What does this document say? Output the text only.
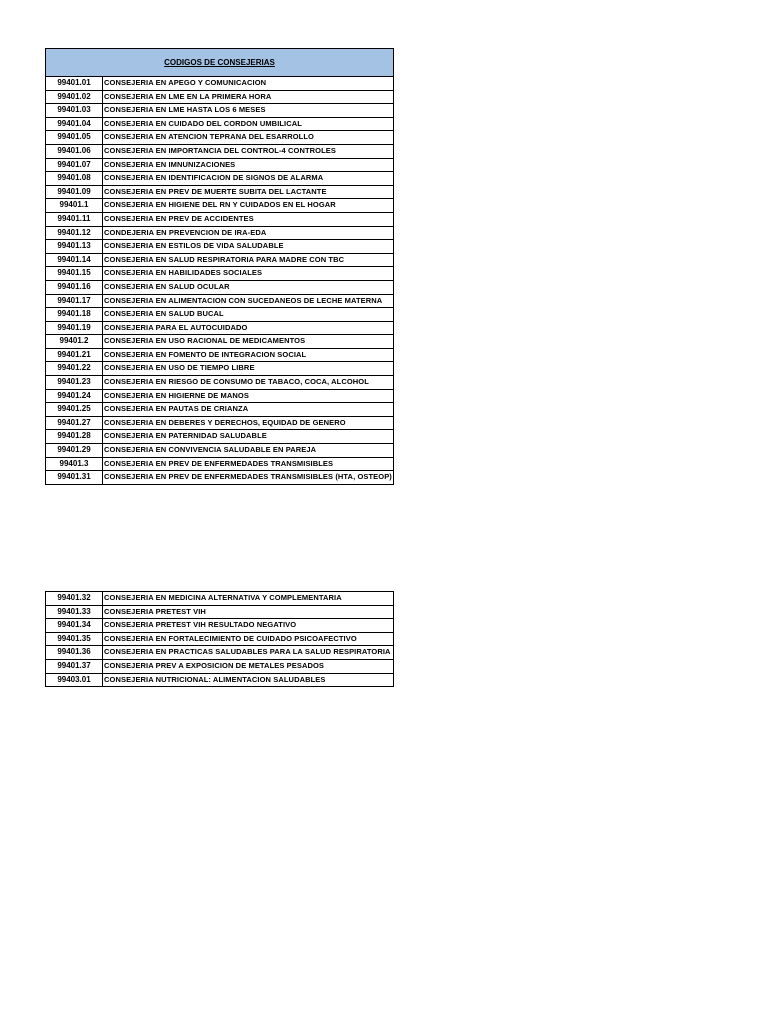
CODIGOS DE CONSEJERIAS	
99401.01	CONSEJERIA EN APEGO Y COMUNICACION
99401.02	CONSEJERIA EN LME EN LA PRIMERA HORA
99401.03	CONSEJERIA EN LME HASTA LOS 6 MESES
99401.04	CONSEJERIA EN CUIDADO DEL CORDON UMBILICAL
99401.05	CONSEJERIA EN ATENCION TEPRANA DEL ESARROLLO
99401.06	CONSEJERIA EN IMPORTANCIA DEL CONTROL-4 CONTROLES
99401.07	CONSEJERIA EN IMNUNIZACIONES
99401.08	CONSEJERIA EN IDENTIFICACION DE SIGNOS DE ALARMA
99401.09	CONSEJERIA EN PREV DE MUERTE SUBITA DEL LACTANTE
99401.1	CONSEJERIA EN HIGIENE DEL RN Y CUIDADOS EN EL HOGAR
99401.11	CONSEJERIA EN PREV DE ACCIDENTES
99401.12	CONDEJERIA EN PREVENCION DE IRA-EDA
99401.13	CONSEJERIA EN ESTILOS DE VIDA SALUDABLE
99401.14	CONSEJERIA EN SALUD RESPIRATORIA PARA MADRE CON TBC
99401.15	CONSEJERIA EN HABILIDADES SOCIALES
99401.16	CONSEJERIA EN SALUD OCULAR
99401.17	CONSEJERIA EN ALIMENTACION CON SUCEDANEOS DE LECHE MATERNA
99401.18	CONSEJERIA EN SALUD BUCAL
99401.19	CONSEJERIA PARA EL AUTOCUIDADO
99401.2	CONSEJERIA EN USO RACIONAL DE MEDICAMENTOS
99401.21	CONSEJERIA EN FOMENTO DE INTEGRACION SOCIAL
99401.22	CONSEJERIA EN USO DE TIEMPO LIBRE
99401.23	CONSEJERIA EN RIESGO DE CONSUMO DE TABACO, COCA, ALCOHOL
99401.24	CONSEJERIA EN HIGIERNE DE MANOS
99401.25	CONSEJERIA EN PAUTAS DE CRIANZA
99401.27	CONSEJERIA EN DEBERES Y DERECHOS, EQUIDAD DE GENERO
99401.28	CONSEJERIA EN PATERNIDAD SALUDABLE
99401.29	CONSEJERIA EN CONVIVENCIA SALUDABLE EN PAREJA
99401.3	CONSEJERIA EN PREV DE ENFERMEDADES TRANSMISIBLES
99401.31	CONSEJERIA EN PREV DE ENFERMEDADES TRANSMISIBLES (HTA, OSTEOP)
99401.32	CONSEJERIA EN MEDICINA ALTERNATIVA Y COMPLEMENTARIA
99401.33	CONSEJERIA PRETEST VIH
99401.34	CONSEJERIA PRETEST VIH RESULTADO NEGATIVO
99401.35	CONSEJERIA EN FORTALECIMIENTO DE CUIDADO PSICOAFECTIVO
99401.36	CONSEJERIA EN PRACTICAS SALUDABLES PARA LA SALUD RESPIRATORIA
99401.37	CONSEJERIA PREV A EXPOSICION DE METALES PESADOS
99403.01	CONSEJERIA NUTRICIONAL: ALIMENTACION SALUDABLES
